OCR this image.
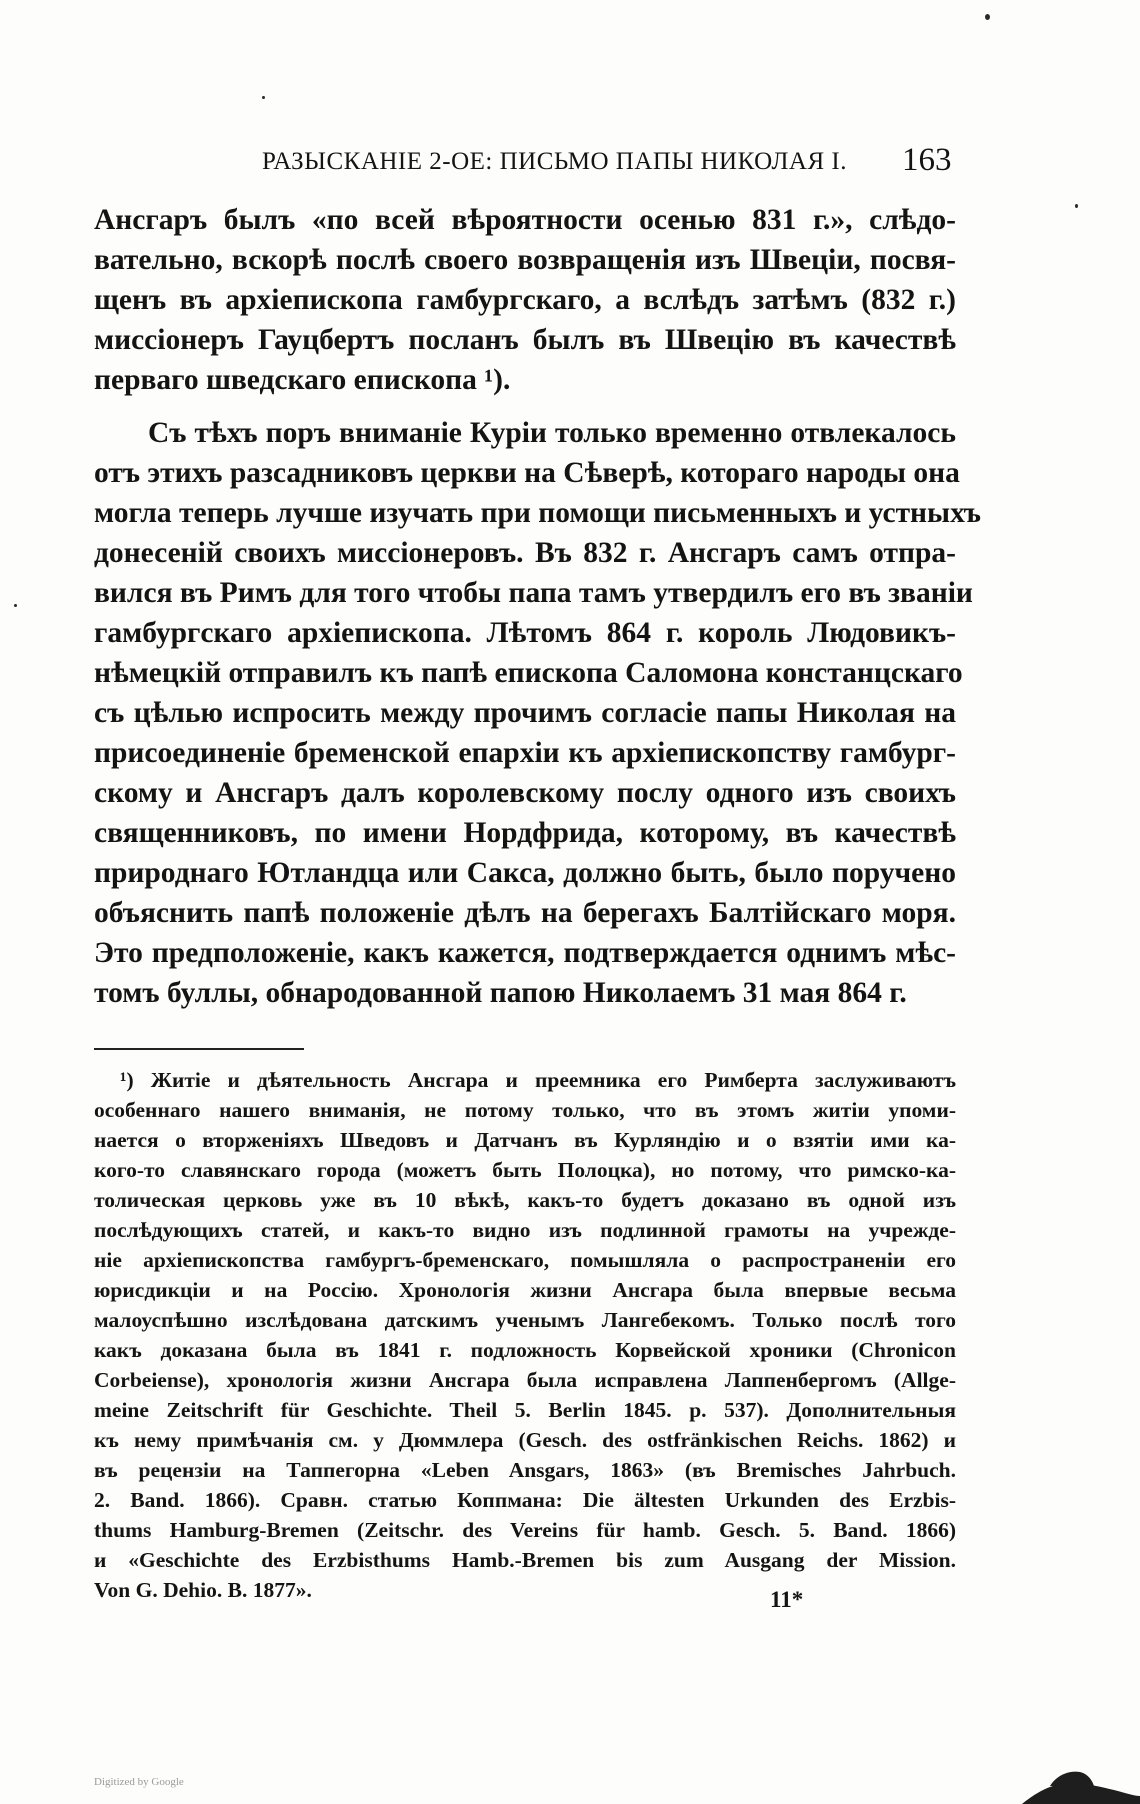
РАЗЫСКАНІЕ 2-ОЕ: ПИСЬМО ПАПЫ НИКОЛАЯ I. 163
Ансгаръ былъ «по всей вѣроятности осенью 831 г.», слѣдо-
вательно, вскорѣ послѣ своего возвращенія изъ Швеціи, посвя-
щенъ въ архіепископа гамбургскаго, а вслѣдъ затѣмъ (832 г.)
миссіонеръ Гауцбертъ посланъ былъ въ Швецію въ качествѣ
перваго шведскаго епископа ¹).
Съ тѣхъ поръ вниманіе Куріи только временно отвлекалось
отъ этихъ разсадниковъ церкви на Сѣверѣ, котораго народы она
могла теперь лучше изучать при помощи письменныхъ и устныхъ
донесеній своихъ миссіонеровъ. Въ 832 г. Ансгаръ самъ отпра-
вился въ Римъ для того чтобы папа тамъ утвердилъ его въ званіи
гамбургскаго архіепископа. Лѣтомъ 864 г. король Людовикъ-
нѣмецкій отправилъ къ папѣ епископа Саломона констанцскаго
съ цѣлью испросить между прочимъ согласіе папы Николая на
присоединеніе бременской епархіи къ архіепископству гамбург-
скому и Ансгаръ далъ королевскому послу одного изъ своихъ
священниковъ, по имени Нордфрида, которому, въ качествѣ
природнаго Ютландца или Сакса, должно быть, было поручено
объяснить папѣ положеніе дѣлъ на берегахъ Балтійскаго моря.
Это предположеніе, какъ кажется, подтверждается однимъ мѣс-
томъ буллы, обнародованной папою Николаемъ 31 мая 864 г.
¹) Житіе и дѣятельность Ансгара и преемника его Римберта заслуживаютъ
особеннаго нашего вниманія, не потому только, что въ этомъ житіи упоми-
нается о вторженіяхъ Шведовъ и Датчанъ въ Курляндію и о взятіи ими ка-
кого-то славянскаго города (можетъ быть Полоцка), но потому, что римско-ка-
толическая церковь уже въ 10 вѣкѣ, какъ-то будетъ доказано въ одной изъ
послѣдующихъ статей, и какъ-то видно изъ подлинной грамоты на учрежде-
ніе архіепископства гамбургъ-бременскаго, помышляла о распространеніи его
юрисдикціи и на Россію. Хронологія жизни Ансгара была впервые весьма
малоуспѣшно изслѣдована датскимъ ученымъ Лангебекомъ. Только послѣ того
какъ доказана была въ 1841 г. подложность Корвейской хроники (Chronicon
Corbeiense), хронологія жизни Ансгара была исправлена Лаппенбергомъ (Allge-
meine Zeitschrift für Geschichte. Theil 5. Berlin 1845. p. 537). Дополнительныя
къ нему примѣчанія см. у Дюммлера (Gesch. des ostfränkischen Reichs. 1862) и
въ рецензіи на Таппегорна «Leben Ansgars, 1863» (въ Bremisches Jahrbuch.
2. Band. 1866). Сравн. статью Коппмана: Die ältesten Urkunden des Erzbis-
thums Hamburg-Bremen (Zeitschr. des Vereins für hamb. Gesch. 5. Band. 1866)
и «Geschichte des Erzbisthums Hamb.-Bremen bis zum Ausgang der Mission.
Von G. Dehio. B. 1877».	11*
Digitized by Google
